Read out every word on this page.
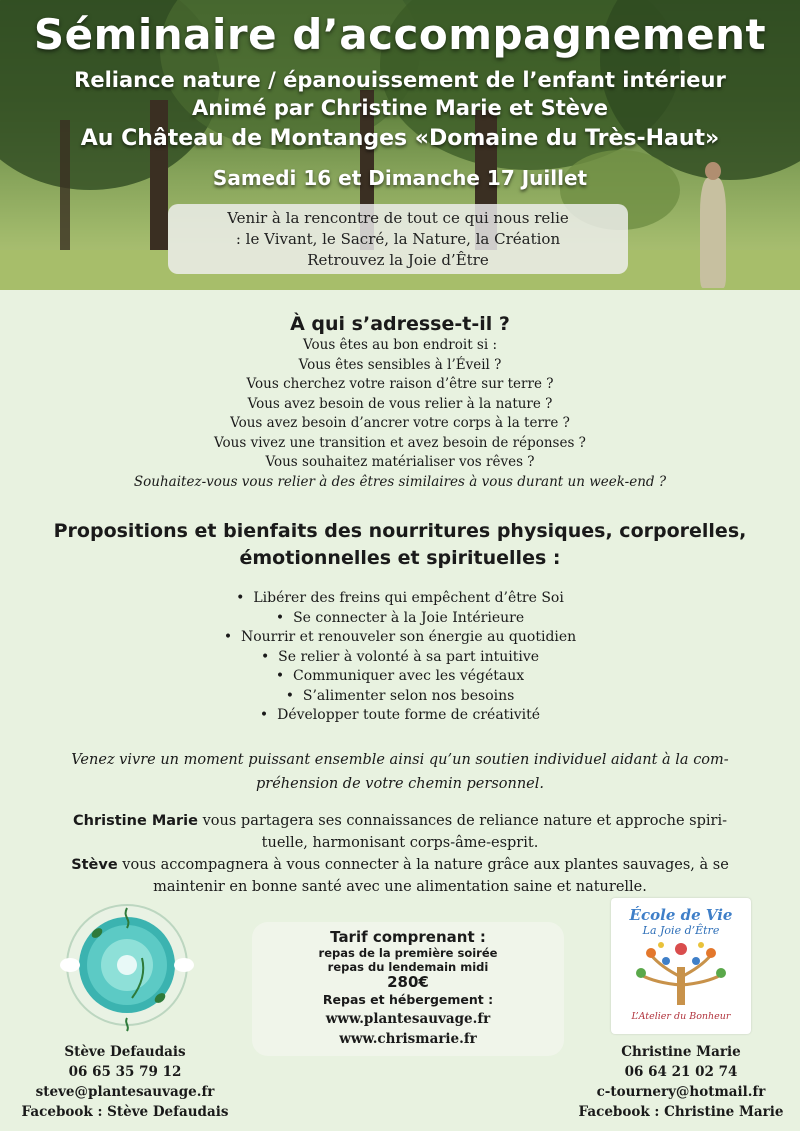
Séminaire d’accompagnement
Reliance nature / épanouissement de l’enfant intérieur
Animé par Christine Marie et Stève
Au Château de Montanges «Domaine du Très-Haut»
Samedi 16 et Dimanche 17 Juillet
Venir à la rencontre de tout ce qui nous relie
: le Vivant, le Sacré, la Nature, la Création
Retrouvez la Joie d’Être
À qui s’adresse-t-il ?
Vous êtes au bon endroit si :
Vous êtes sensibles à l’Éveil ?
Vous cherchez votre raison d’être sur terre ?
Vous avez besoin de vous relier à la nature ?
Vous avez besoin d’ancrer votre corps à la terre ?
Vous vivez une transition et avez besoin de réponses ?
Vous souhaitez matérialiser vos rêves ?
Souhaitez-vous vous relier à des êtres similaires à vous durant un week-end ?
Propositions et bienfaits des nourritures physiques, corporelles,
émotionnelles et spirituelles :
•  Libérer des freins qui empêchent d’être Soi
•  Se connecter à la Joie Intérieure
•  Nourrir et renouveler son énergie au quotidien
•  Se relier à volonté à sa part intuitive
•  Communiquer avec les végétaux
•  S’alimenter selon nos besoins
•  Développer toute forme de créativité
Venez vivre un moment puissant ensemble ainsi qu’un soutien individuel aidant à la com-
préhension de votre chemin personnel.
Christine Marie vous partagera ses connaissances de reliance nature et approche spiri-
tuelle, harmonisant corps-âme-esprit.
Stève vous accompagnera à vous connecter à la nature grâce aux plantes sauvages, à se
maintenir en bonne santé avec une alimentation saine et naturelle.
Tarif comprenant :
repas de la première soirée
repas du lendemain midi
280€
Repas et hébergement :
www.plantesauvage.fr
www.chrismarie.fr
École de Vie
La Joie d’Être
L’Atelier du Bonheur
Stève Defaudais
06 65 35 79 12
steve@plantesauvage.fr
Facebook : Stève Defaudais
Christine Marie
06 64 21 02 74
c-tournery@hotmail.fr
Facebook : Christine Marie
